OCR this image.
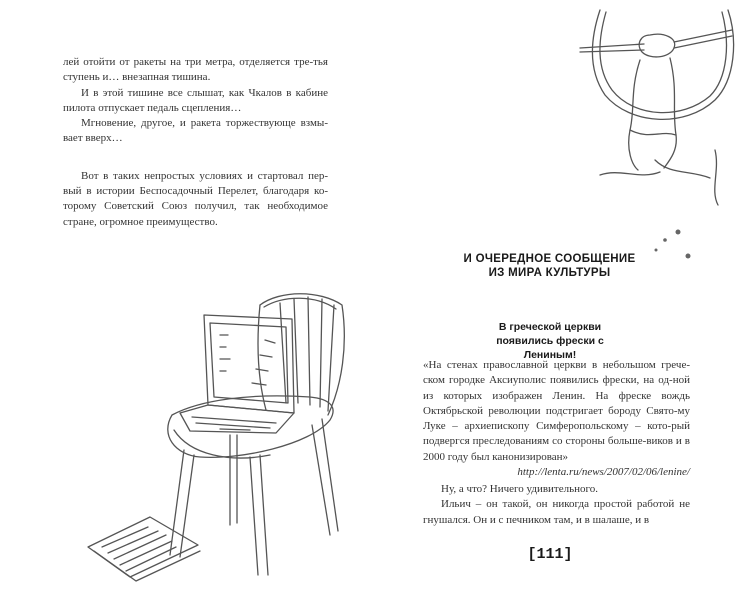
лей отойти от ракеты на три метра, отделяется тре-тья ступень и… внезапная тишина.

И в этой тишине все слышат, как Чкалов в кабине пилота отпускает педаль сцепления…

Мгновение, другое, и ракета торжествующе взмы-вает вверх…

Вот в таких непростых условиях и стартовал пер-вый в истории Беспосадочный Перелет, благодаря ко-торому Советский Союз получил, так необходимое стране, огромное преимущество.

И ОЧЕРЕДНОЕ СООБЩЕНИЕ
ИЗ МИРА КУЛЬТУРЫ
В греческой церкви
появились фрески с Лениным!

«На стенах православной церкви в небольшом грече-ском городке Аксиуполис появились фрески, на од-ной из которых изображен Ленин. На фреске вождь Октябрьской революции подстригает бороду Свято-му Луке – архиепископу Симферопольскому – кото-рый подвергся преследованиям со стороны больше-виков и в 2000 году был канонизирован»

http://lenta.ru/news/2007/02/06/lenine/

Ну, а что? Ничего удивительного.

Ильич – он такой, он никогда простой работой не гнушался. Он и с печником там, и в шалаше, и в

[111]
